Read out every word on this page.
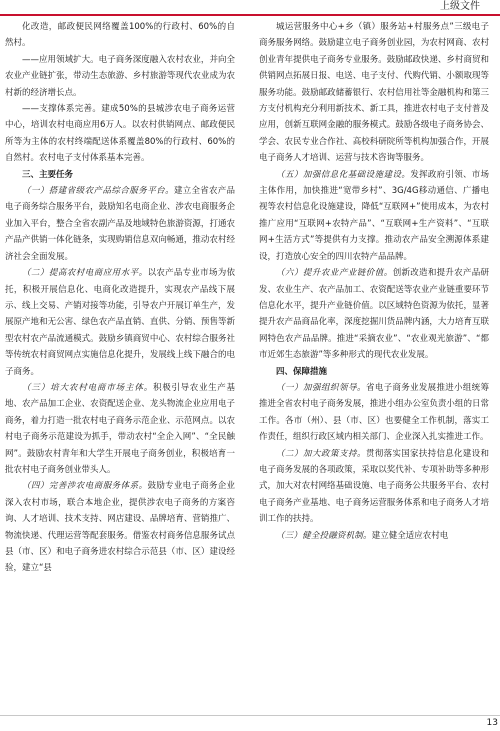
上级文件

化改造，邮政便民网络覆盖100%的行政村、60%的自然村。

——应用领域扩大。电子商务深度融入农村农业，并向全农业产业链扩张，带动生态旅游、乡村旅游等现代农业成为农村新的经济增长点。

——支撑体系完善。建成50%的县城涉农电子商务运营中心，培训农村电商应用6万人。以农村供销网点、邮政便民所等为主体的农村终端配送体系覆盖80%的行政村、60%的自然村。农村电子支付体系基本完善。

三、主要任务

（一）搭建省级农产品综合服务平台。建立全省农产品电子商务综合服务平台，鼓励知名电商企业、涉农电商服务企业加入平台，整合全省农副产品及地域特色旅游资源，打通农产品产供销一体化链条，实现购销信息双向畅通，推动农村经济社会全面发展。

（二）提高农村电商应用水平。以农产品专业市场为依托，积极开展信息化、电商化改造提升，实现农产品线下展示、线上交易、产销对接等功能，引导农户开展订单生产，发展原产地和无公害、绿色农产品直销、直供、分销、预售等新型农村农产品流通模式。鼓励乡镇商贸中心、农村综合服务社等传统农村商贸网点实施信息化提升，发展线上线下融合的电子商务。

（三）培大农村电商市场主体。积极引导农业生产基地、农产品加工企业、农资配送企业、龙头物流企业应用电子商务，着力打造一批农村电子商务示范企业、示范网点。以农村电子商务示范建设为抓手，带动农村“全企入网”、“全民触网”。鼓励农村青年和大学生开展电子商务创业，积极培育一批农村电子商务创业带头人。

（四）完善涉农电商服务体系。鼓励专业电子商务企业深入农村市场，联合本地企业，提供涉农电子商务的方案咨询、人才培训、技术支持、网店建设、品牌培育、营销推广、物流快递、代理运营等配套服务。借鉴农村商务信息服务试点县（市、区）和电子商务进农村综合示范县（市、区）建设经验，建立“县

城运营服务中心+乡（镇）服务站+村服务点”三级电子商务服务网络。鼓励建立电子商务创业园，为农村网商、农村创业青年提供电子商务专业服务。鼓励邮政快递、乡村商贸和供销网点拓展日报、电送、电子支付、代购代销、小额取现等服务功能。鼓励邮政储蓄银行、农村信用社等金融机构和第三方支付机构充分利用新技术、新工具，推进农村电子支付普及应用，创新互联网金融的服务模式。鼓励各级电子商务协会、学会、农民专业合作社、高校科研院所等机构加强合作，开展电子商务人才培训、运营与技术咨询等服务。

（五）加强信息化基础设施建设。发挥政府引领、市场主体作用，加快推进“宽带乡村”、3G/4G移动通信、广播电视等农村信息化设施建设，降低“互联网+”使用成本，为农村推广应用“互联网+农特产品”、“互联网+生产资料”、“互联网+生活方式”等提供有力支撑。推动农产品安全溯源体系建设，打造放心安全的四川农特产品品牌。

（六）提升农业产业链价值。创新改造和提升农产品研发、农业生产、农产品加工、农资配送等农业产业链重要环节信息化水平，提升产业链价值。以区域特色资源为依托，显著提升农产品商品化率，深度挖掘川货品牌内涵，大力培育互联网特色农产品品牌。推进“采摘农业”、“农业观光旅游”、“都市近郊生态旅游”等多种形式的现代农业发展。

四、保障措施

（一）加强组织领导。省电子商务业发展推进小组统筹推进全省农村电子商务发展，推进小组办公室负责小组的日常工作。各市（州）、县（市、区）也要健全工作机制，落实工作责任，组织行政区域内相关部门、企业深入扎实推进工作。

（二）加大政策支持。贯彻落实国家扶持信息化建设和电子商务发展的各项政策，采取以奖代补、专项补助等多种形式，加大对农村网络基础设施、电子商务公共服务平台、农村电子商务产业基地、电子商务运营服务体系和电子商务人才培训工作的扶持。

（三）健全投融资机制。建立健全适应农村电

13
